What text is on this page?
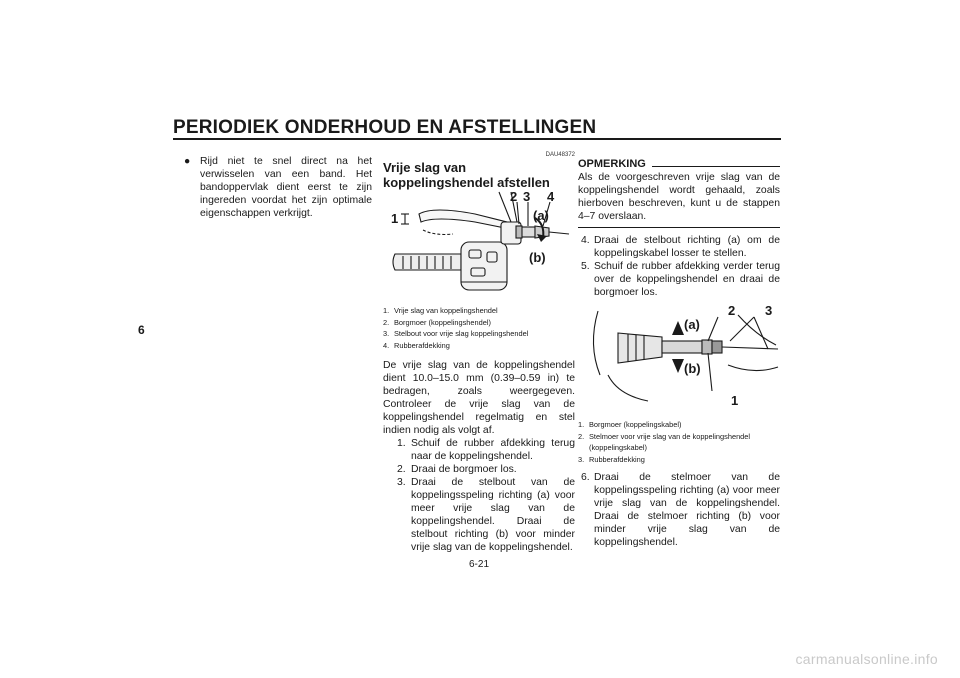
PERIODIEK ONDERHOUD EN AFSTELLINGEN
6
● Rijd niet te snel direct na het verwisselen van een band. Het bandoppervlak dient eerst te zijn ingereden voordat het zijn optimale eigenschappen verkrijgt.
DAU48372
Vrije slag van koppelingshendel afstellen
1
2 3 4
(a)
(b)
1. Vrije slag van koppelingshendel
2. Borgmoer (koppelingshendel)
3. Stelbout voor vrije slag koppelingshendel
4. Rubberafdekking

De vrije slag van de koppelingshendel dient 10.0–15.0 mm (0.39–0.59 in) te bedragen, zoals weergegeven. Controleer de vrije slag van de koppelingshendel regelmatig en stel indien nodig als volgt af.

1. Schuif de rubber afdekking terug naar de koppelingshendel.
2. Draai de borgmoer los.
3. Draai de stelbout van de koppelingsspeling richting (a) voor meer vrije slag van de koppelingshendel. Draai de stelbout richting (b) voor minder vrije slag van de koppelingshendel.
OPMERKING

Als de voorgeschreven vrije slag van de koppelingshendel wordt gehaald, zoals hierboven beschreven, kunt u de stappen 4–7 overslaan.

4. Draai de stelbout richting (a) om de koppelingskabel losser te stellen.
5. Schuif de rubber afdekking verder terug over de koppelingshendel en draai de borgmoer los.
(a)
(b)
2 3
1
1. Borgmoer (koppelingskabel)
2. Stelmoer voor vrije slag van de koppelingshendel (koppelingskabel)
3. Rubberafdekking
6. Draai de stelmoer van de koppelingsspeling richting (a) voor meer vrije slag van de koppelingshendel. Draai de stelmoer richting (b) voor minder vrije slag van de koppelingshendel.
6-21
carmanualsonline.info
